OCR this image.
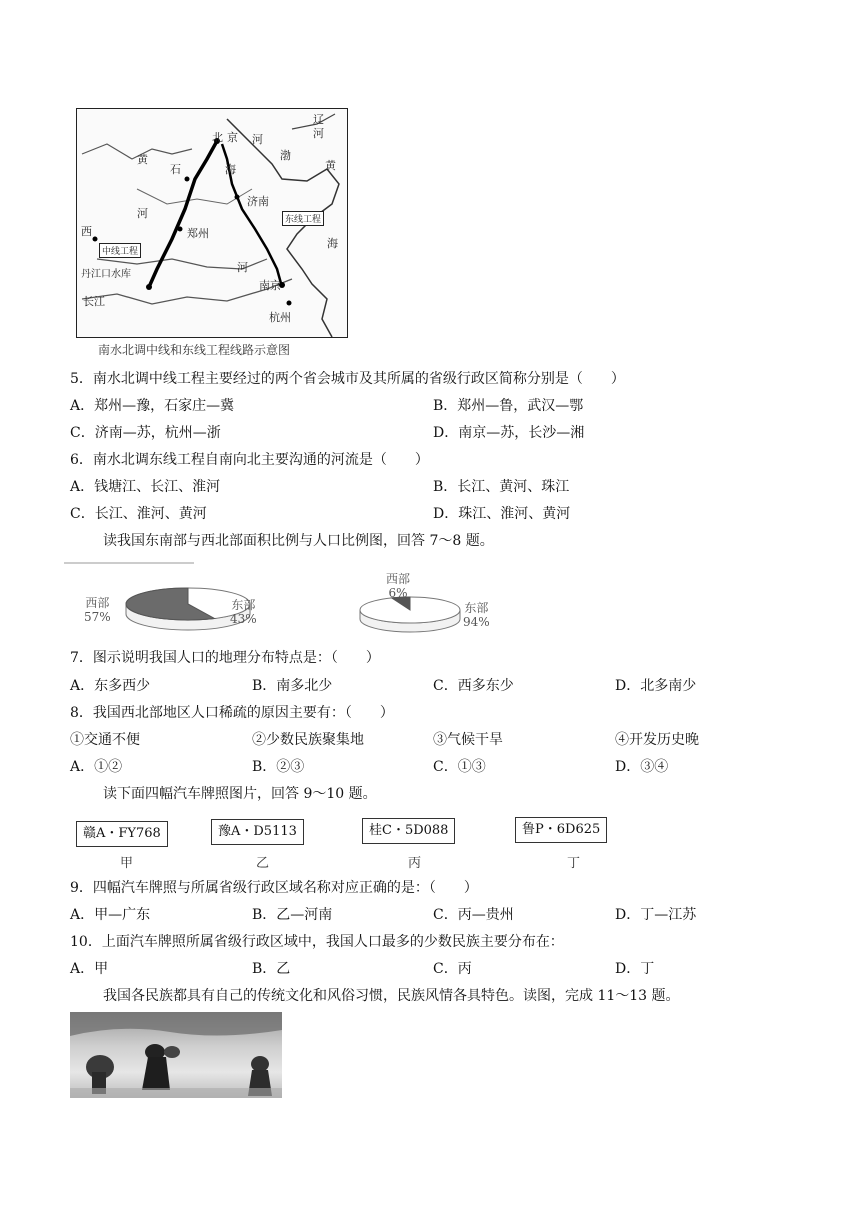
辽
河
北 京 河
渤
黄
石	海	黄
济南
河	东线工程
西	郑州
中线工程
丹江口水库
河
海
长江
南京
杭州
南水北调中线和东线工程线路示意图
5．南水北调中线工程主要经过的两个省会城市及其所属的省级行政区简称分别是（　　）
A．郑州—豫，石家庄—冀	B．郑州—鲁，武汉—鄂
C．济南—苏，杭州—浙	D．南京—苏，长沙—湘
6．南水北调东线工程自南向北主要沟通的河流是（　　）
A．钱塘江、长江、淮河	B．长江、黄河、珠江
C．长江、淮河、黄河	D．珠江、淮河、黄河
读我国东南部与西北部面积比例与人口比例图，回答 7～8 题。
西部
57%
东部
43%
西部
6%
东部
94%
7．图示说明我国人口的地理分布特点是：（　　）
A．东多西少	B．南多北少	C．西多东少	D．北多南少
8．我国西北部地区人口稀疏的原因主要有：（　　）
①交通不便	②少数民族聚集地	③气候干旱	④开发历史晚
A．①②	B．②③	C．①③	D．③④
读下面四幅汽车牌照图片，回答 9～10 题。
赣A・FY768
甲
豫A・D5113
乙
桂C・5D088
丙
鲁P・6D625
丁
9．四幅汽车牌照与所属省级行政区域名称对应正确的是：（　　）
A．甲—广东	B．乙—河南	C．丙—贵州	D．丁—江苏
10．上面汽车牌照所属省级行政区域中，我国人口最多的少数民族主要分布在：
A．甲	B．乙	C．丙	D．丁
我国各民族都具有自己的传统文化和风俗习惯，民族风情各具特色。读图，完成 11～13 题。
